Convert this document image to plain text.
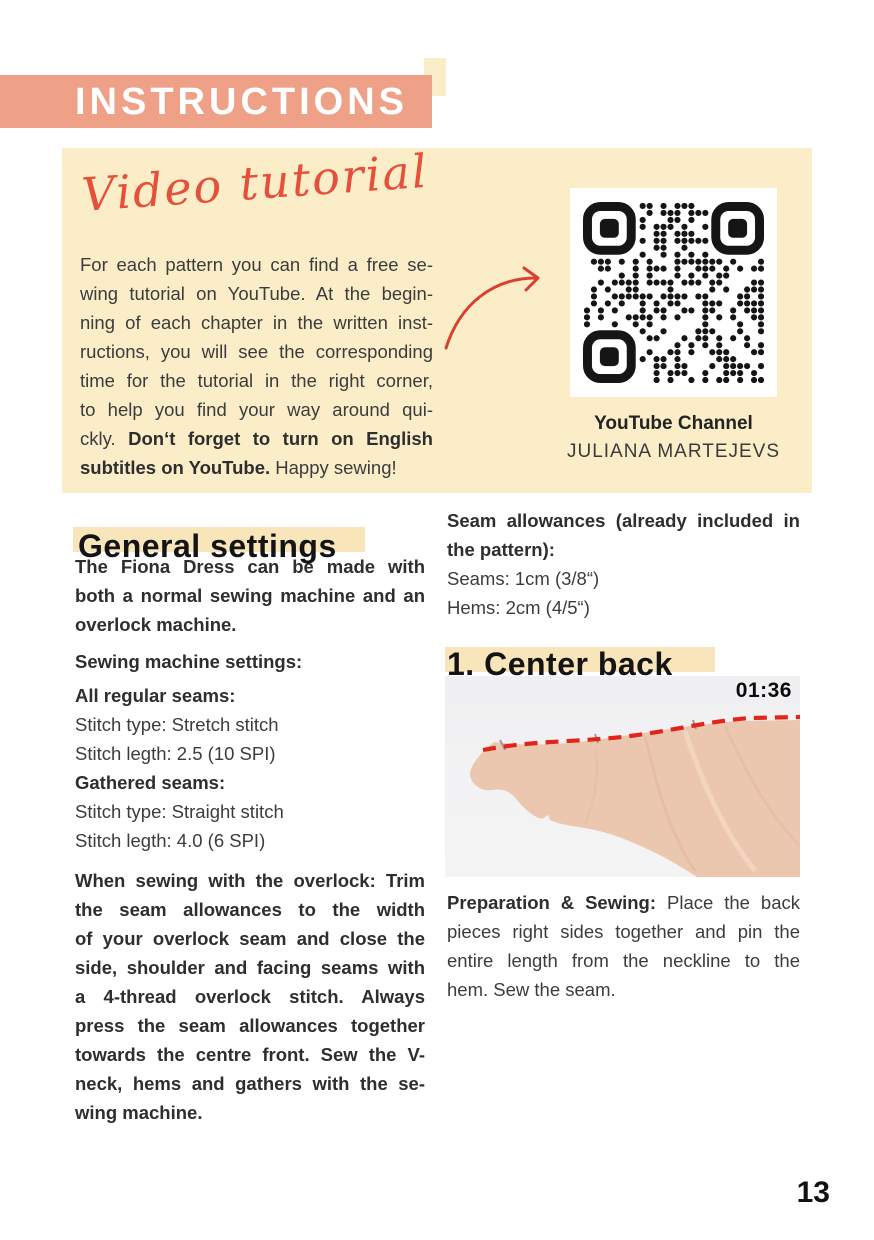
INSTRUCTIONS
Video tutorial
For each pattern you can find a free se-
wing tutorial on YouTube. At the begin-
ning of each chapter in the written inst-
ructions, you will see the corresponding
time for the tutorial in the right corner,
to help you find your way around qui-
ckly. Don‘t forget to turn on English
subtitles on YouTube. Happy sewing!
YouTube Channel
JULIANA MARTEJEVS
General settings
The Fiona Dress can be made with
both a normal sewing machine and an
overlock machine.
Sewing machine settings:
All regular seams:
Stitch type: Stretch stitch
Stitch legth: 2.5 (10 SPI)
Gathered seams:
Stitch type: Straight stitch
Stitch legth: 4.0 (6 SPI)
When sewing with the overlock: Trim
the seam allowances to the width
of your overlock seam and close the
side, shoulder and facing seams with
a 4-thread overlock stitch. Always
press the seam allowances together
towards the centre front. Sew the V-
neck, hems and gathers with the se-
wing machine.
Seam allowances (already included in
the pattern):
Seams: 1cm (3/8“)
Hems: 2cm (4/5“)
1. Center back
01:36
Preparation & Sewing: Place the back
pieces right sides together and pin the
entire length from the neckline to the
hem. Sew the seam.
13
